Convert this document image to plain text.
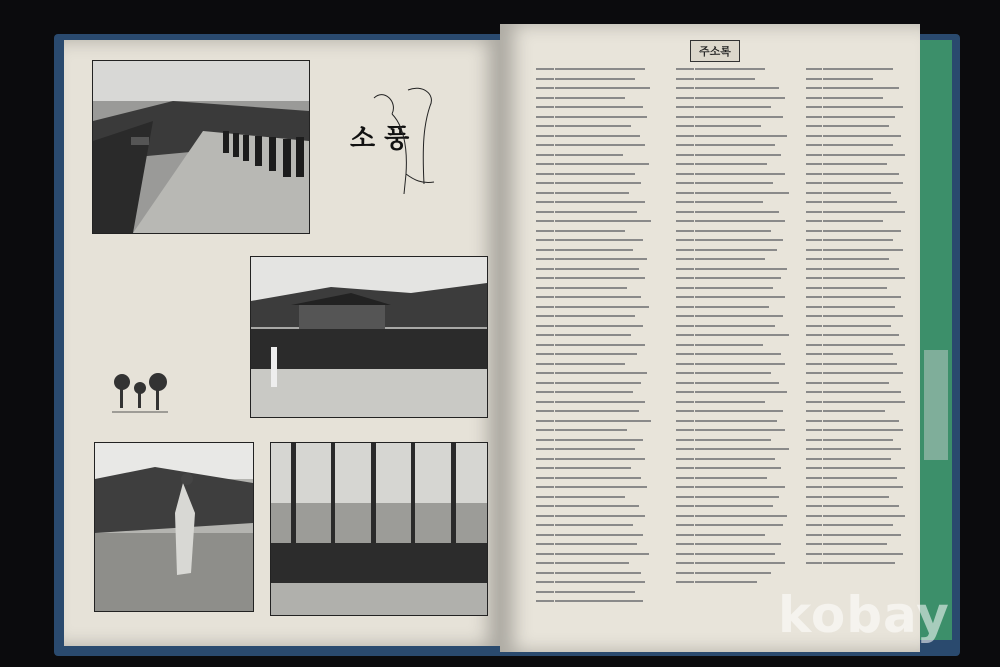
소 풍
주소록

kobay
